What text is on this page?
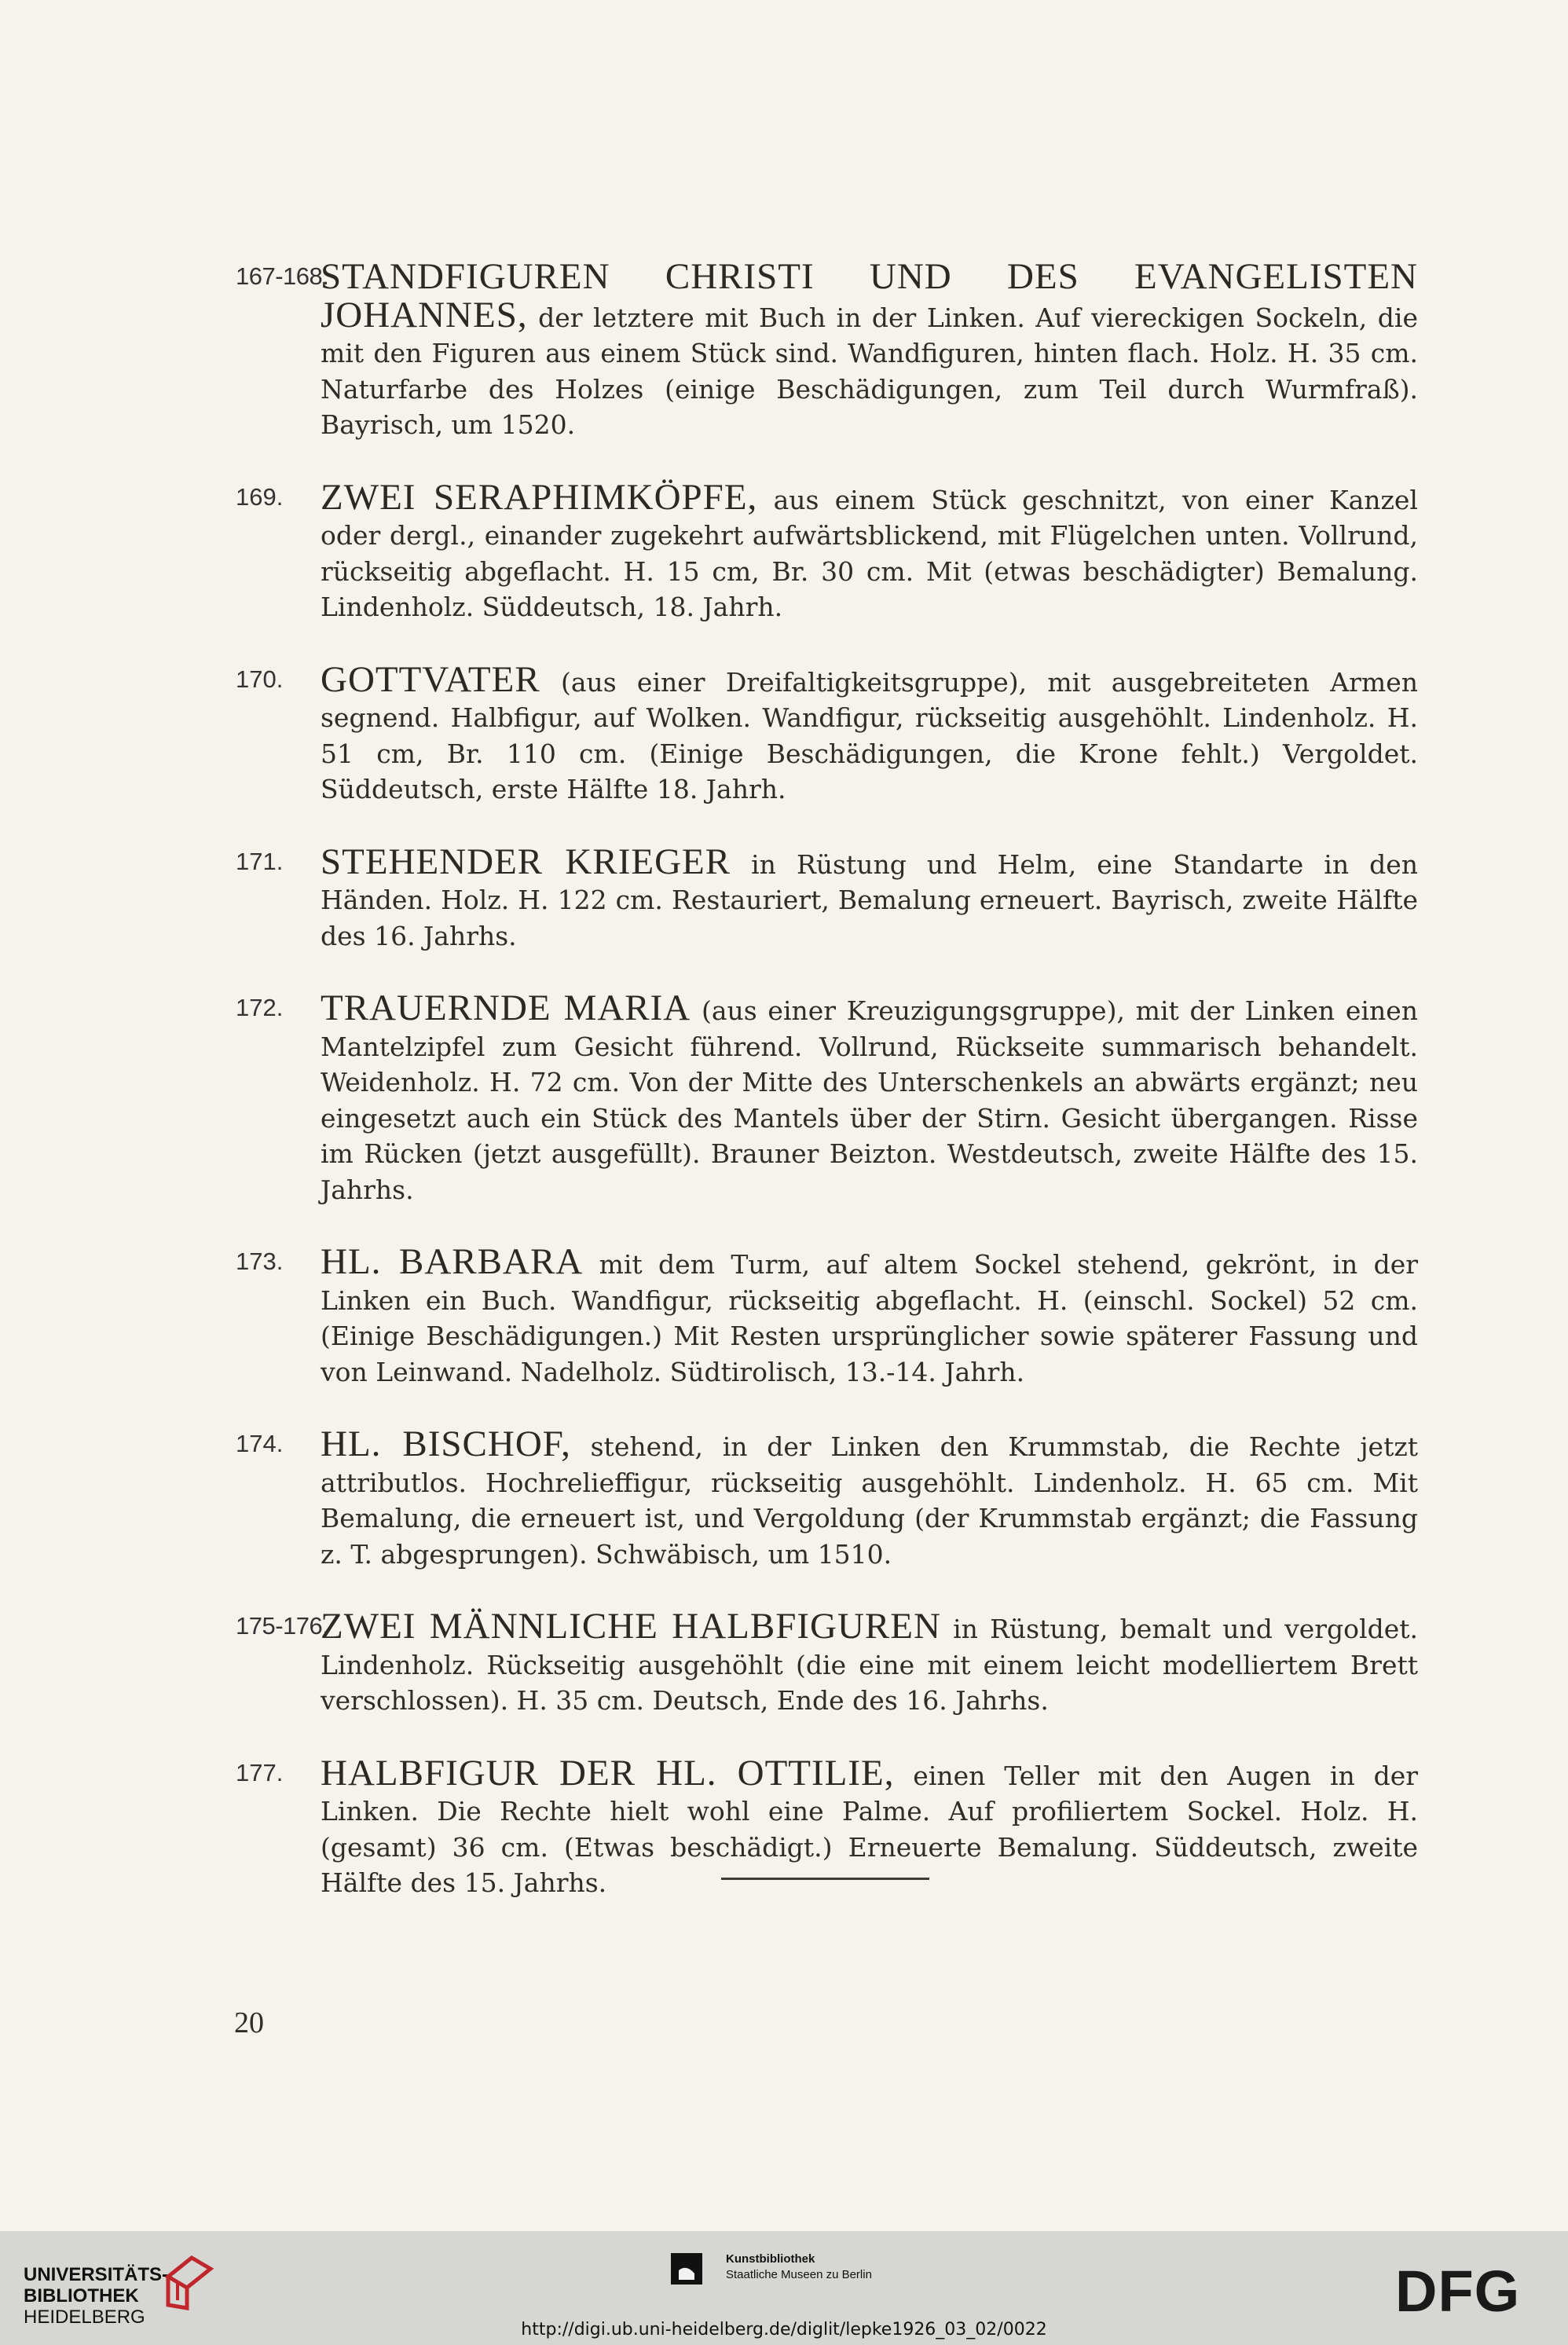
167-168.
STANDFIGUREN CHRISTI UND DES EVANGELISTEN JOHANNES, der letztere mit Buch in der Linken. Auf viereckigen Sockeln, die mit den Figuren aus einem Stück sind. Wandfiguren, hinten flach. Holz. H. 35 cm. Naturfarbe des Holzes (einige Beschädigungen, zum Teil durch Wurmfraß). Bayrisch, um 1520.
169. ZWEI SERAPHIMKÖPFE, aus einem Stück geschnitzt, von einer Kanzel oder dergl., einander zugekehrt aufwärtsblickend, mit Flügelchen unten. Vollrund, rückseitig abgeflacht. H. 15 cm, Br. 30 cm. Mit (etwas beschädigter) Bemalung. Lindenholz. Süddeutsch, 18. Jahrh.
170. GOTTVATER (aus einer Dreifaltigkeitsgruppe), mit ausgebreiteten Armen segnend. Halbfigur, auf Wolken. Wandfigur, rückseitig ausgehöhlt. Lindenholz. H. 51 cm, Br. 110 cm. (Einige Beschädigungen, die Krone fehlt.) Vergoldet. Süddeutsch, erste Hälfte 18. Jahrh.
171. STEHENDER KRIEGER in Rüstung und Helm, eine Standarte in den Händen. Holz. H. 122 cm. Restauriert, Bemalung erneuert. Bayrisch, zweite Hälfte des 16. Jahrhs.
172. TRAUERNDE MARIA (aus einer Kreuzigungsgruppe), mit der Linken einen Mantelzipfel zum Gesicht führend. Vollrund, Rückseite summarisch behandelt. Weidenholz. H. 72 cm. Von der Mitte des Unterschenkels an abwärts ergänzt; neu eingesetzt auch ein Stück des Mantels über der Stirn. Gesicht übergangen. Risse im Rücken (jetzt ausgefüllt). Brauner Beizton. Westdeutsch, zweite Hälfte des 15. Jahrhs.
173. HL. BARBARA mit dem Turm, auf altem Sockel stehend, gekrönt, in der Linken ein Buch. Wandfigur, rückseitig abgeflacht. H. (einschl. Sockel) 52 cm. (Einige Beschädigungen.) Mit Resten ursprünglicher sowie späterer Fassung und von Leinwand. Nadelholz. Südtirolisch, 13.-14. Jahrh.
174. HL. BISCHOF, stehend, in der Linken den Krummstab, die Rechte jetzt attributlos. Hochrelieffigur, rückseitig ausgehöhlt. Lindenholz. H. 65 cm. Mit Bemalung, die erneuert ist, und Vergoldung (der Krummstab ergänzt; die Fassung z. T. abgesprungen). Schwäbisch, um 1510.
175-176.
ZWEI MÄNNLICHE HALBFIGUREN in Rüstung, bemalt und vergoldet. Lindenholz. Rückseitig ausgehöhlt (die eine mit einem leicht modelliertem Brett verschlossen). H. 35 cm. Deutsch, Ende des 16. Jahrhs.
177. HALBFIGUR DER HL. OTTILIE, einen Teller mit den Augen in der Linken. Die Rechte hielt wohl eine Palme. Auf profiliertem Sockel. Holz. H. (gesamt) 36 cm. (Etwas beschädigt.) Erneuerte Bemalung. Süddeutsch, zweite Hälfte des 15. Jahrhs.
20
UNIVERSITÄTS-
BIBLIOTHEK
HEIDELBERG
Kunstbibliothek
Staatliche Museen zu Berlin	DFG
http://digi.ub.uni-heidelberg.de/diglit/lepke1926_03_02/0022
